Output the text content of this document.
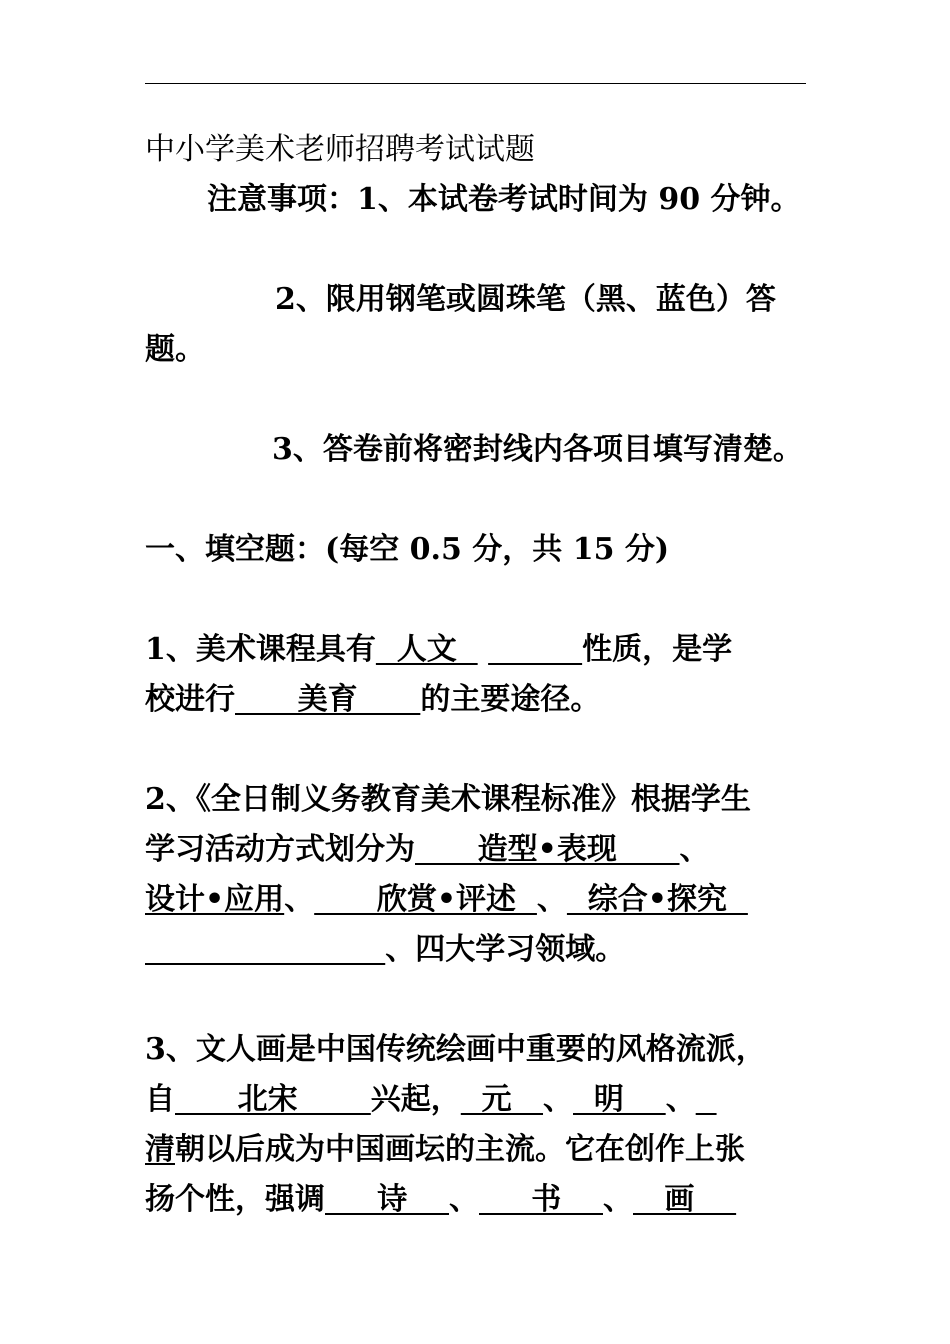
中小学美术老师招聘考试试题
注意事项：1、本试卷考试时间为 90 分钟。
2、限用钢笔或圆珠笔（黑、蓝色）答
题。
3、答卷前将密封线内各项目填写清楚。
一、填空题：(每空 0.5 分，共 15 分)
1、美术课程具有  人文	性质，是学
校进行      美育      的主要途径。
2、《全日制义务教育美术课程标准》根据学生
学习活动方式划分为      造型•表现      、
设计•应用、      欣赏•评述  、  综合•探究
、四大学习领域。
3、文人画是中国传统绘画中重要的风格流派，
自      北宋       兴起，  元   、  明    、
清朝以后成为中国画坛的主流。它在创作上张
扬个性，强调     诗    、     书    、   画
